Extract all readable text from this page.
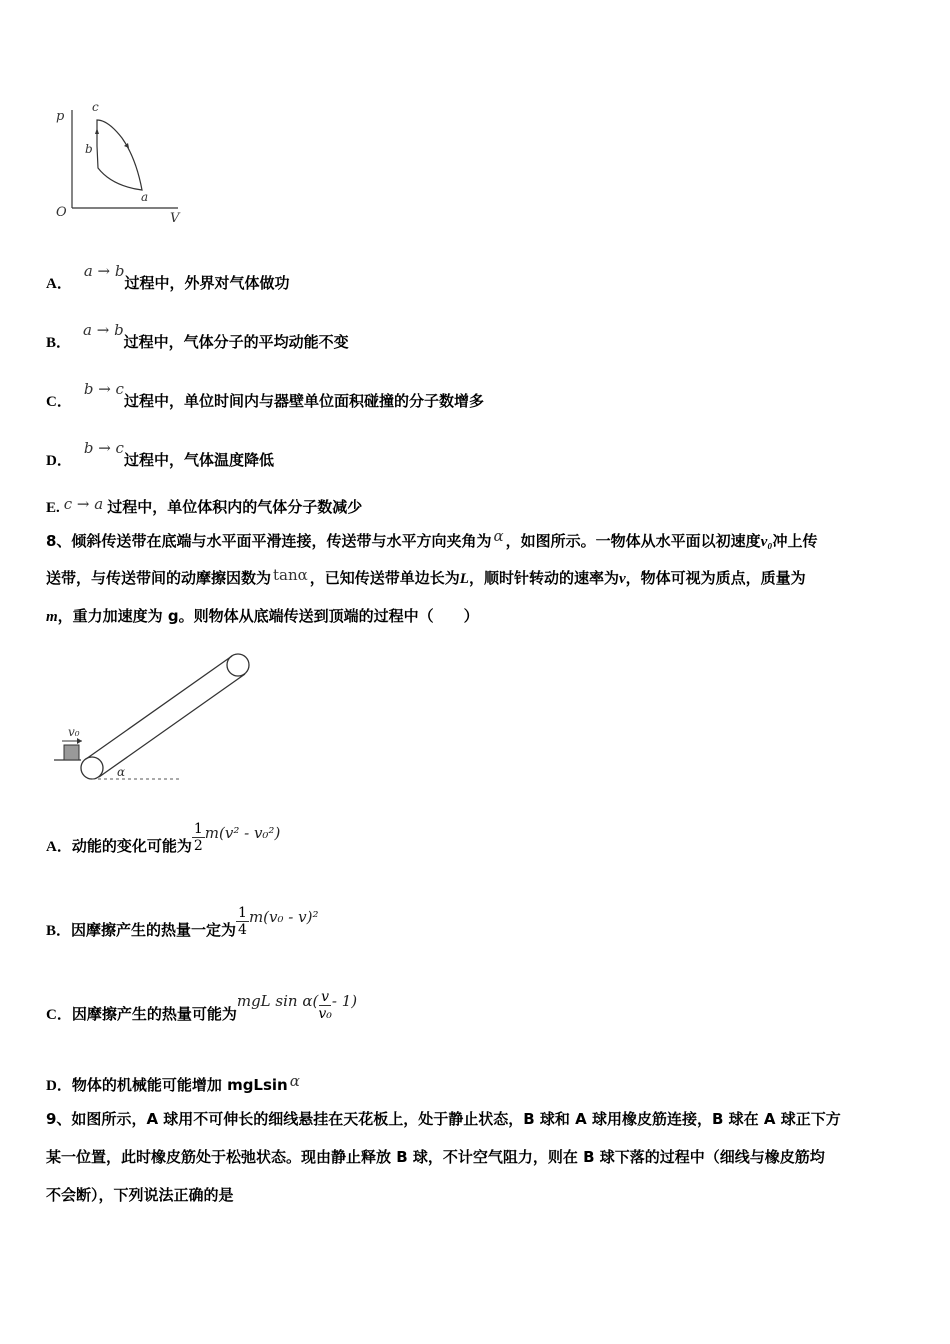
p
O	V
c
b
a
A．a → b过程中，外界对气体做功
B．a → b过程中，气体分子的平均动能不变
C．b → c过程中，单位时间内与器壁单位面积碰撞的分子数增多
D．b → c过程中，气体温度降低
E. c → a 过程中，单位体积内的气体分子数减少
8、倾斜传送带在底端与水平面平滑连接，传送带与水平方向夹角为 α ，如图所示。一物体从水平面以初速度v₀冲上传
送带，与传送带间的动摩擦因数为 tanα ，已知传送带单边长为L，顺时针转动的速率为v，物体可视为质点，质量为
m，重力加速度为 g。则物体从底端传送到顶端的过程中（　　）
v₀
α
A．动能的变化可能为 $\frac{1}{2} m(v^2 - v_0^2)$
B．因摩擦产生的热量一定为 $\frac{1}{4} m(v_0 - v)^2$
C．因摩擦产生的热量可能为mgL $\sin \alpha( \frac{v}{\text{v₀}} - 1)$
D．物体的机械能可能增加 mgLsin α
9、如图所示，A 球用不可伸长的细线悬挂在天花板上，处于静止状态，B 球和 A 球用橡皮筋连接，B 球在 A 球正下方
某一位置，此时橡皮筋处于松弛状态。现由静止释放 B 球，不计空气阻力，则在 B 球下落的过程中（细线与橡皮筋均
不会断），下列说法正确的是
